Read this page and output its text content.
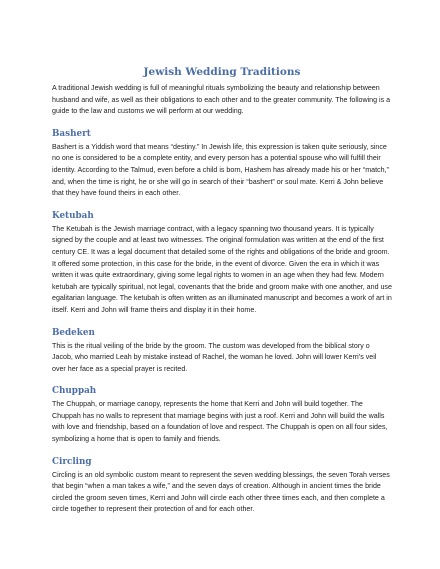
Jewish Wedding Traditions

A traditional Jewish wedding is full of meaningful rituals symbolizing the beauty and relationship between husband and wife, as well as their obligations to each other and to the greater community. The following is a guide to the law and customs we will perform at our wedding.

Bashert

Bashert is a Yiddish word that means “destiny.” In Jewish life, this expression is taken quite seriously, since no one is considered to be a complete entity, and every person has a potential spouse who will fulfill their identity. According to the Talmud, even before a child is born, Hashem has already made his or her “match,” and, when the time is right, he or she will go in search of their “bashert” or soul mate. Kerri & John believe that they have found theirs in each other.

Ketubah

The Ketubah is the Jewish marriage contract, with a legacy spanning two thousand years. It is typically signed by the couple and at least two witnesses. The original formulation was written at the end of the first century CE. It was a legal document that detailed some of the rights and obligations of the bride and groom. It offered some protection, in this case for the bride, in the event of divorce. Given the era in which it was written it was quite extraordinary, giving some legal rights to women in an age when they had few. Modern ketubah are typically spiritual, not legal, covenants that the bride and groom make with one another, and use egalitarian language. The ketubah is often written as an illuminated manuscript and becomes a work of art in itself. Kerri and John will frame theirs and display it in their home.

Bedeken

This is the ritual veiling of the bride by the groom. The custom was developed from the biblical story o Jacob, who married Leah by mistake instead of Rachel, the woman he loved. John will lower Kerri’s veil over her face as a special prayer is recited.

Chuppah

The Chuppah, or marriage canopy, represents the home that Kerri and John will build together. The Chuppah has no walls to represent that marriage begins with just a roof. Kerri and John will build the walls with love and friendship, based on a foundation of love and respect. The Chuppah is open on all four sides, symbolizing a home that is open to family and friends.

Circling

Circling is an old symbolic custom meant to represent the seven wedding blessings, the seven Torah verses that begin “when a man takes a wife,” and the seven days of creation. Although in ancient times the bride circled the groom seven times, Kerri and John will circle each other three times each, and then complete a circle together to represent their protection of and for each other.
